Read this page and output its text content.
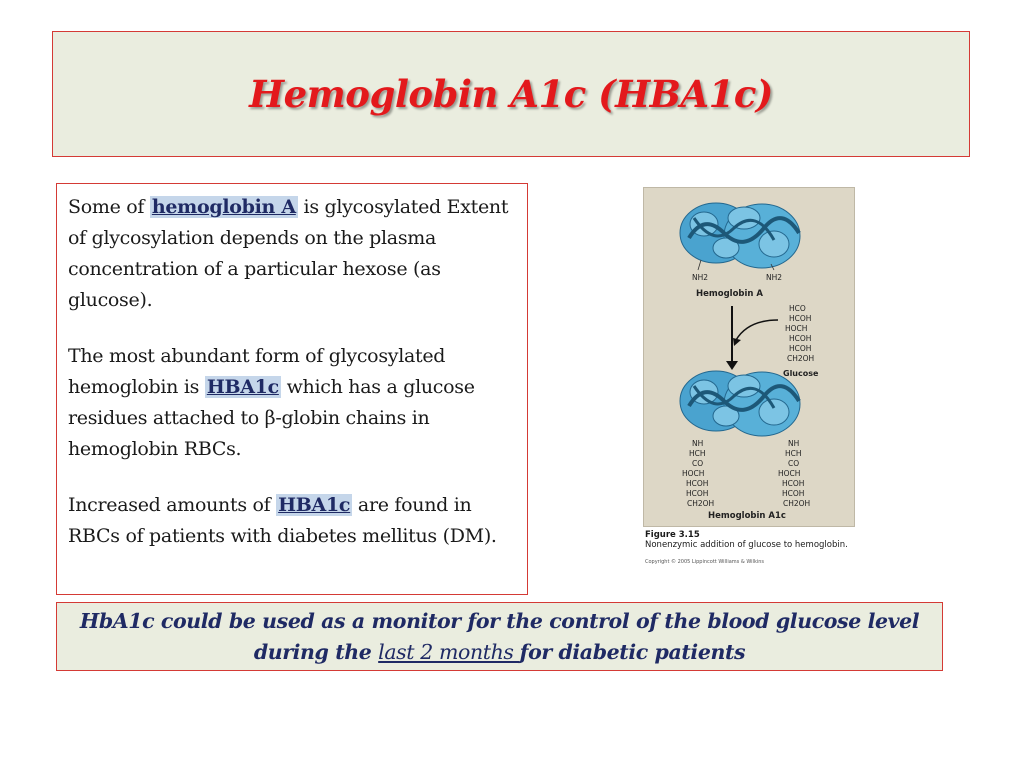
Hemoglobin A1c (HBA1c)

Some of hemoglobin A is glycosylated Extent of glycosylation depends on the plasma concentration of a particular hexose (as glucose).

The most abundant form of glycosylated hemoglobin is HBA1c which has a glucose residues attached to β-globin chains in hemoglobin RBCs.

Increased amounts of HBA1c are found in RBCs of patients with diabetes mellitus (DM).

NH2	NH2
Hemoglobin A
HCO
HCOH
HOCH
HCOH
HCOH
CH2OH
Glucose
NH
HCH
CO
HOCH
HCOH
HCOH
CH2OH
NH
HCH
CO
HOCH
HCOH
HCOH
CH2OH
Hemoglobin A1c
Figure 3.15
Nonenzymic addition of glucose to hemoglobin.
Copyright © 2005 Lippincott Williams & Wilkins
HbA1c could be used as a monitor for the control of the blood glucose level
during the last 2 months for diabetic patients
